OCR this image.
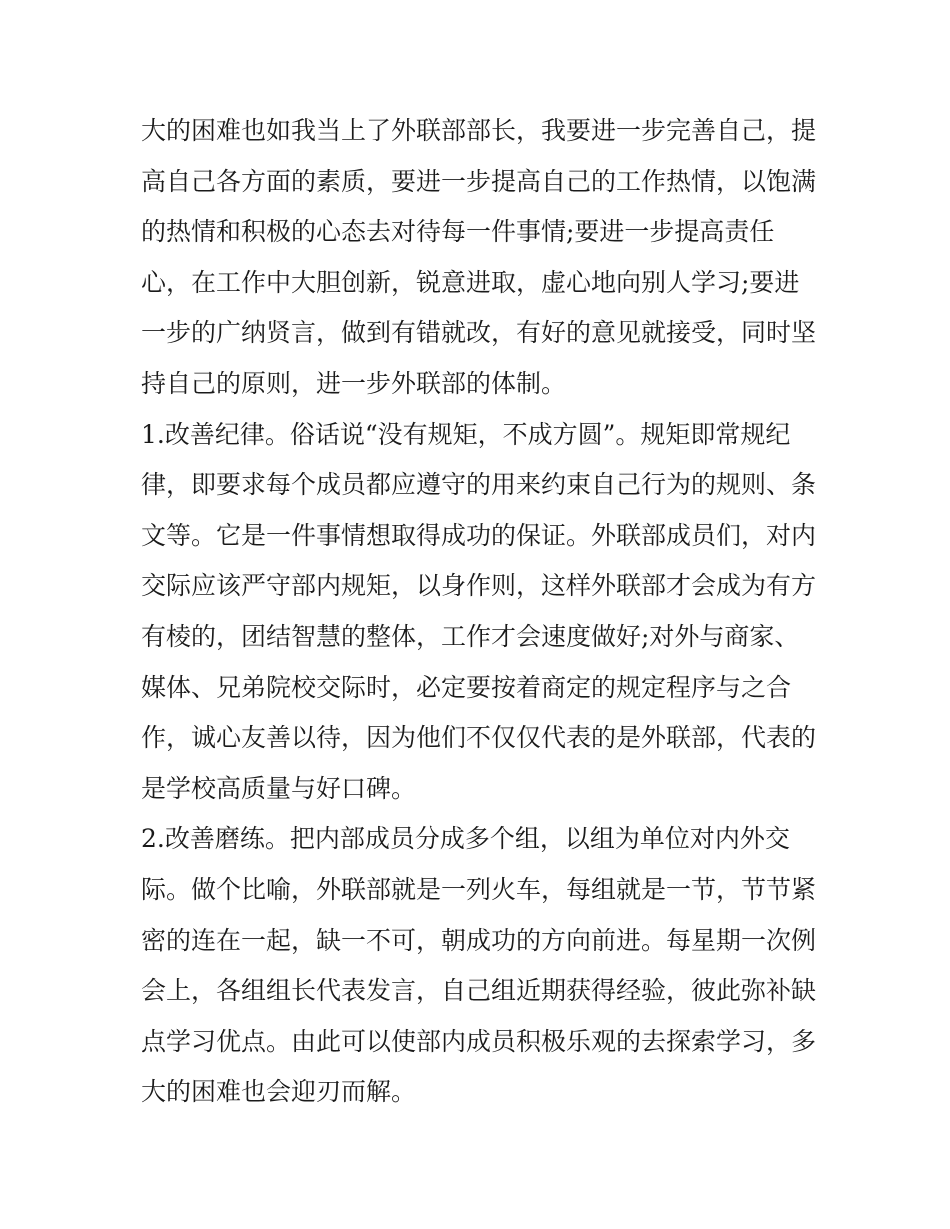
大的困难也如我当上了外联部部长，我要进一步完善自己，提
高自己各方面的素质，要进一步提高自己的工作热情，以饱满
的热情和积极的心态去对待每一件事情;要进一步提高责任
心，在工作中大胆创新，锐意进取，虚心地向别人学习;要进
一步的广纳贤言，做到有错就改，有好的意见就接受，同时坚
持自己的原则，进一步外联部的体制。
1.改善纪律。俗话说“没有规矩，不成方圆”。规矩即常规纪
律，即要求每个成员都应遵守的用来约束自己行为的规则、条
文等。它是一件事情想取得成功的保证。外联部成员们，对内
交际应该严守部内规矩，以身作则，这样外联部才会成为有方
有棱的，团结智慧的整体，工作才会速度做好;对外与商家、
媒体、兄弟院校交际时，必定要按着商定的规定程序与之合
作，诚心友善以待，因为他们不仅仅代表的是外联部，代表的
是学校高质量与好口碑。
2.改善磨练。把内部成员分成多个组，以组为单位对内外交
际。做个比喻，外联部就是一列火车，每组就是一节，节节紧
密的连在一起，缺一不可，朝成功的方向前进。每星期一次例
会上，各组组长代表发言，自己组近期获得经验，彼此弥补缺
点学习优点。由此可以使部内成员积极乐观的去探索学习，多
大的困难也会迎刃而解。
